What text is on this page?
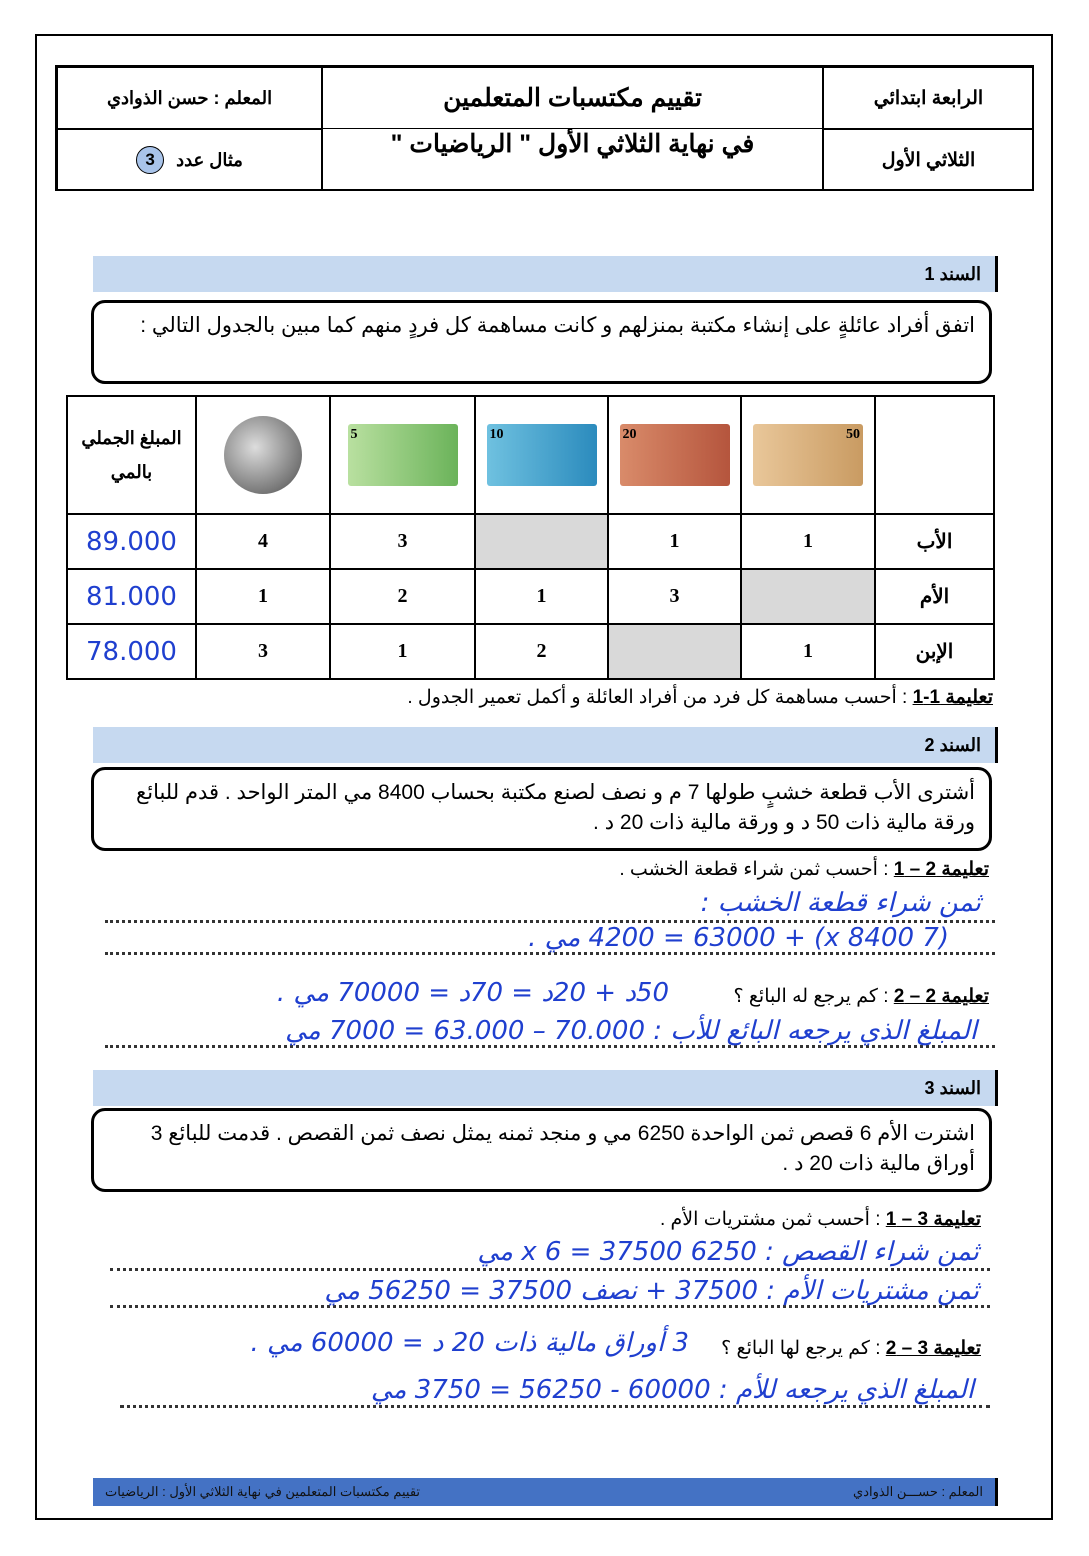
الرابعة ابتدائي
الثلاثي الأول
تقييم مكتسبات المتعلمين
في نهاية الثلاثي الأول " الرياضيات "
المعلم : حسن الذوادي
مثال عدد
3
السند 1
اتفق أفراد عائلةٍ على إنشاء مكتبة بمنزلهم و كانت مساهمة كل فردٍ منهم كما مبين بالجدول التالي :

	50	20	10	5		المبلغ الجملي بالمي
الأب	1	1		3	4	89.000
الأم		3	1	2	1	81.000
الإبن	1		2	1	3	78.000
تعليمة 1-1 : أحسب مساهمة كل فرد من أفراد العائلة و أكمل تعمير الجدول .
السند 2
أشترى الأب قطعة خشبٍ طولها 7 م و نصف لصنع مكتبة بحساب 8400 مي المتر الواحد . قدم للبائع ورقة مالية ذات 50 د و ورقة مالية ذات 20 د .
تعليمة 2 – 1 : أحسب ثمن شراء قطعة الخشب .
ثمن شراء قطعة الخشب :
(7 x 8400) + 4200 = 63000 مي .
تعليمة 2 – 2 : كم يرجع له البائع ؟
50د + 20د = 70د = 70000 مي .
المبلغ الذي يرجعه البائع للأب : 70.000 – 63.000 = 7000 مي
السند 3
اشترت الأم 6 قصص ثمن الواحدة 6250 مي و منجد ثمنه يمثل نصف ثمن القصص . قدمت للبائع 3 أوراق مالية ذات 20 د .
تعليمة 3 – 1 : أحسب ثمن مشتريات الأم .
ثمن شراء القصص : 6250 x 6 = 37500 مي
ثمن مشتريات الأم : 37500 + نصف 37500 = 56250 مي
تعليمة 3 – 2 : كم يرجع لها البائع ؟
3 أوراق مالية ذات 20 د = 60000 مي .
المبلغ الذي يرجعه للأم : 60000 - 56250 = 3750 مي
المعلم : حســـن الذوادي
تقييم مكتسبات المتعلمين في نهاية الثلاثي الأول : الرياضيات
